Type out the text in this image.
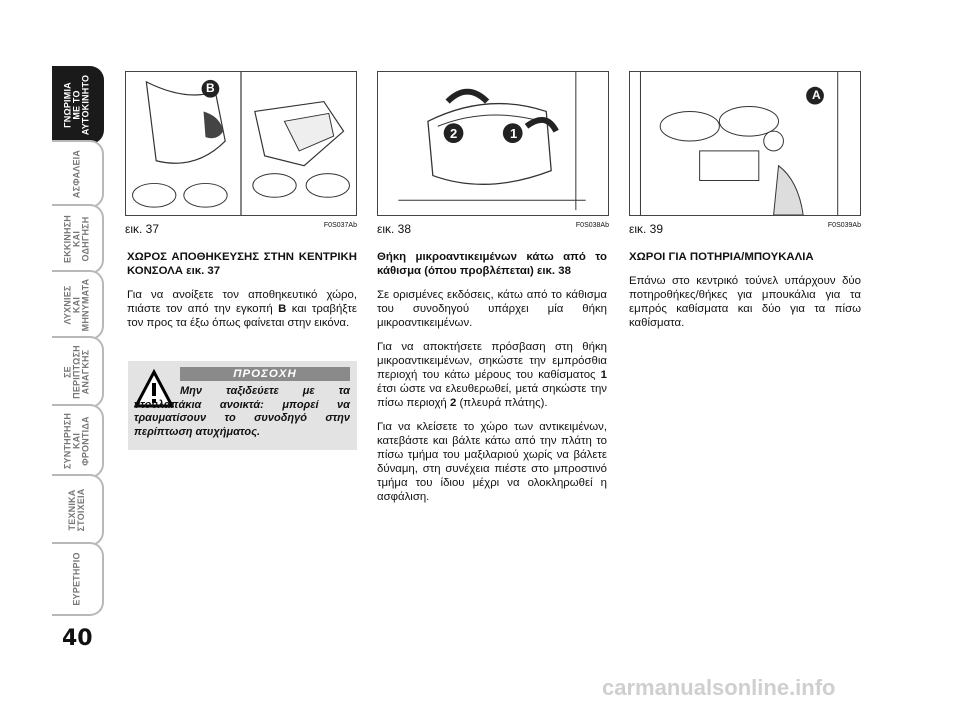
ΓΝΩΡΙΜΙΑ
ΜΕ ΤΟ
ΑΥΤΟΚΙΝΗΤΟ
ΑΣΦΑΛΕΙΑ
ΕΚΚΙΝΗΣΗ
ΚΑΙ
ΟΔΗΓΗΣΗ
ΛΥΧΝΙΕΣ
ΚΑΙ
ΜΗΝΥΜΑΤΑ
ΣΕ
ΠΕΡΙΠΤΩΣΗ
ΑΝΑΓΚΗΣ
ΣΥΝΤΗΡΗΣΗ
ΚΑΙ
ΦΡΟΝΤΙΔΑ
ΤΕΧΝΙΚΑ
ΣΤΟΙΧΕΙΑ
ΕΥΡΕΤΗΡΙΟ
40
B
εικ. 37	F0S037Ab
2	1
εικ. 38	F0S038Ab
A
εικ. 39	F0S039Ab

ΧΩΡΟΣ ΑΠΟΘΗΚΕΥΣΗΣ ΣΤΗΝ ΚΕΝΤΡΙΚΗ ΚΟΝΣΟΛΑ εικ. 37

Για να ανοίξετε τον αποθηκευτικό χώρο, πιάστε τον από την εγκοπή B και τραβήξτε τον προς τα έξω όπως φαίνεται στην εικόνα.

ΠΡΟΣΟΧΗ
Μην ταξιδεύετε με τα ντουλαπάκια ανοικτά: μπορεί να τραυματίσουν το συνοδηγό στην περίπτωση ατυχήματος.

Θήκη μικροαντικειμένων κάτω από το κάθισμα (όπου προβλέπεται) εικ. 38

Σε ορισμένες εκδόσεις, κάτω από το κάθισμα του συνοδηγού υπάρχει μία θήκη μικροαντικειμένων.

Για να αποκτήσετε πρόσβαση στη θήκη μικροαντικειμένων, σηκώστε την εμπρόσθια περιοχή του κάτω μέρους του καθίσματος 1 έτσι ώστε να ελευθερωθεί, μετά σηκώστε την πίσω περιοχή 2 (πλευρά πλάτης).

Για να κλείσετε το χώρο των αντικειμένων, κατεβάστε και βάλτε κάτω από την πλάτη το πίσω τμήμα του μαξιλαριού χωρίς να βάλετε δύναμη, στη συνέχεια πιέστε στο μπροστινό τμήμα του ίδιου μέχρι να ολοκληρωθεί η ασφάλιση.

ΧΩΡΟΙ ΓΙΑ ΠΟΤΗΡΙΑ/ΜΠΟΥΚΑΛΙΑ

Επάνω στο κεντρικό τούνελ υπάρχουν δύο ποτηροθήκες/θήκες για μπουκάλια για τα εμπρός καθίσματα και δύο για τα πίσω καθίσματα.

carmanualsonline.info
